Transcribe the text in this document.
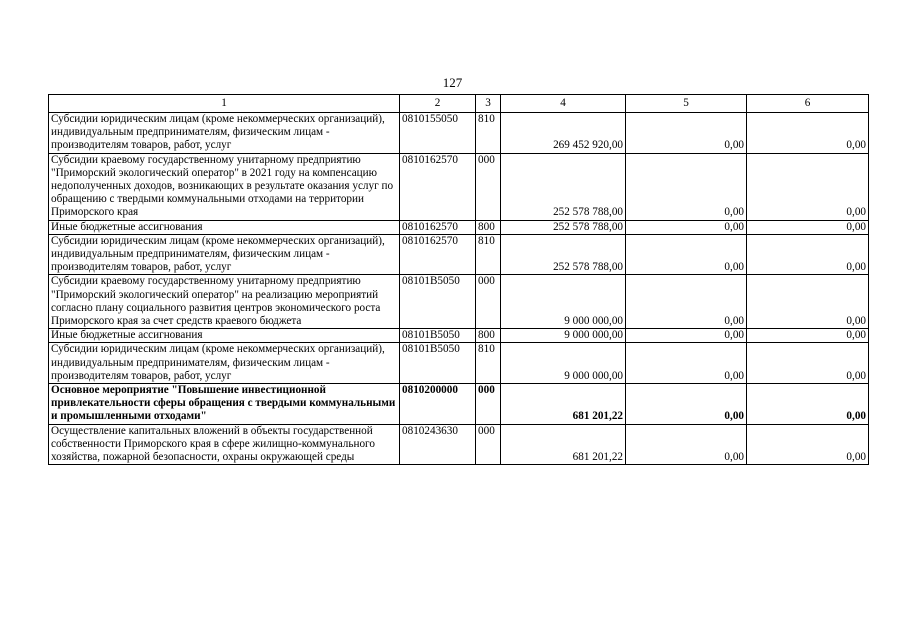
127
1	2	3	4	5	6
Субсидии юридическим лицам (кроме некоммерческих организаций), индивидуальным предпринимателям, физическим лицам - производителям товаров, работ, услуг	0810155050	810	269 452 920,00	0,00	0,00
Субсидии краевому государственному унитарному предприятию "Приморский экологический оператор" в 2021 году на компенсацию недополученных доходов, возникающих в результате оказания услуг по обращению с твердыми коммунальными отходами на территории Приморского края	0810162570	000	252 578 788,00	0,00	0,00
Иные бюджетные ассигнования	0810162570	800	252 578 788,00	0,00	0,00
Субсидии юридическим лицам (кроме некоммерческих организаций), индивидуальным предпринимателям, физическим лицам - производителям товаров, работ, услуг	0810162570	810	252 578 788,00	0,00	0,00
Субсидии краевому государственному унитарному предприятию "Приморский экологический оператор" на реализацию мероприятий согласно плану социального развития центров экономического роста Приморского края за счет средств краевого бюджета	08101В5050	000	9 000 000,00	0,00	0,00
Иные бюджетные ассигнования	08101В5050	800	9 000 000,00	0,00	0,00
Субсидии юридическим лицам (кроме некоммерческих организаций), индивидуальным предпринимателям, физическим лицам - производителям товаров, работ, услуг	08101В5050	810	9 000 000,00	0,00	0,00
Основное мероприятие "Повышение инвестиционной привлекательности сферы обращения с твердыми коммунальными и промышленными отходами"	0810200000	000	681 201,22	0,00	0,00
Осуществление капитальных вложений в объекты государственной собственности Приморского края в сфере жилищно-коммунального хозяйства, пожарной безопасности, охраны окружающей среды	0810243630	000	681 201,22	0,00	0,00
